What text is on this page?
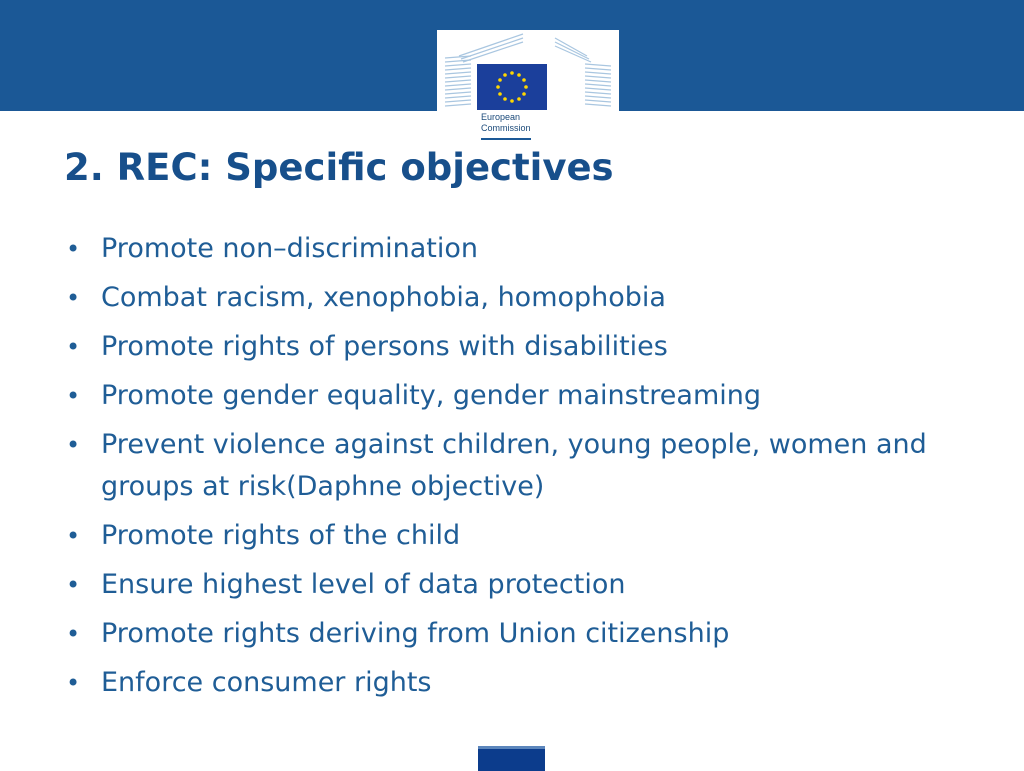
European
Commission
2. REC: Specific objectives
• Promote non–discrimination
• Combat racism, xenophobia, homophobia
• Promote rights of persons with disabilities
• Promote gender equality, gender mainstreaming
• Prevent violence against children, young people, women and groups at risk(Daphne objective)
• Promote rights of the child
• Ensure highest level of data protection
• Promote rights deriving from Union citizenship
• Enforce consumer rights
